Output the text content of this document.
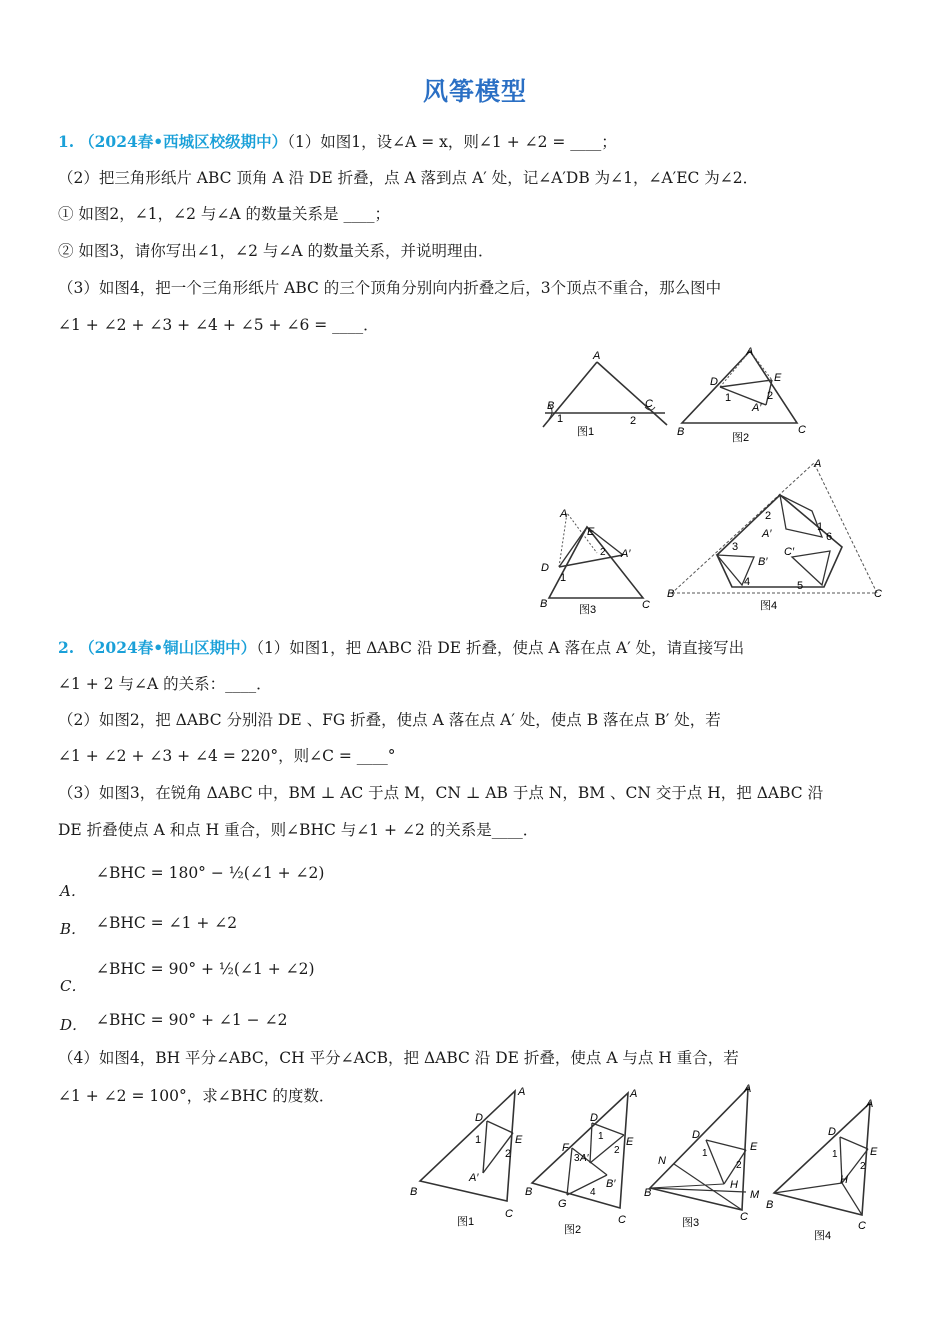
风筝模型
1. （2024春•西城区校级期中）（1）如图1，设∠A = x，则∠1 + ∠2 = ____；
（2）把三角形纸片 ABC 顶角 A 沿 DE 折叠，点 A 落到点 A′ 处，记∠A′DB 为∠1，∠A′EC 为∠2．
① 如图2，∠1，∠2 与∠A 的数量关系是 ____；
② 如图3，请你写出∠1，∠2 与∠A 的数量关系，并说明理由．
（3）如图4，把一个三角形纸片 ABC 的三个顶角分别向内折叠之后，3个顶点不重合，那么图中
∠1 + ∠2 + ∠3 + ∠4 + ∠5 + ∠6 = ____．
A
B	C
1	2
图1
A
D	E
A′
B	C
1	2
图2
A
E
A′
D
B	C
1
2
图3
A
B	C
A′
B′
C′
1
2
3
4	5
6
图4
2. （2024春•铜山区期中）（1）如图1，把 ΔABC 沿 DE 折叠，使点 A 落在点 A′ 处，请直接写出
∠1 + 2 与∠A 的关系：____．
（2）如图2，把 ΔABC 分别沿 DE 、FG 折叠，使点 A 落在点 A′ 处，使点 B 落在点 B′ 处，若
∠1 + ∠2 + ∠3 + ∠4 = 220°，则∠C = ____°
（3）如图3，在锐角 ΔABC 中，BM ⊥ AC 于点 M，CN ⊥ AB 于点 N，BM 、CN 交于点 H，把 ΔABC 沿
DE 折叠使点 A 和点 H 重合，则∠BHC 与∠1 + ∠2 的关系是____．
A．
∠BHC = 180° − ½(∠1 + ∠2)
B． ∠BHC = ∠1 + ∠2
C．
∠BHC = 90° + ½(∠1 + ∠2)
D． ∠BHC = 90° + ∠1 − ∠2
（4）如图4，BH 平分∠ABC，CH 平分∠ACB，把 ΔABC 沿 DE 折叠，使点 A 与点 H 重合，若
∠1 + ∠2 = 100°，求∠BHC 的度数．	A
D
E
A′
B
C
1
2
图1
A
D
E
F
G
A′
B′
B
C
1
2
3
4
图2
A
D
E
N
H
M
B
C
1
2
图3
A
D
E
H
B
C
1
2
图4
